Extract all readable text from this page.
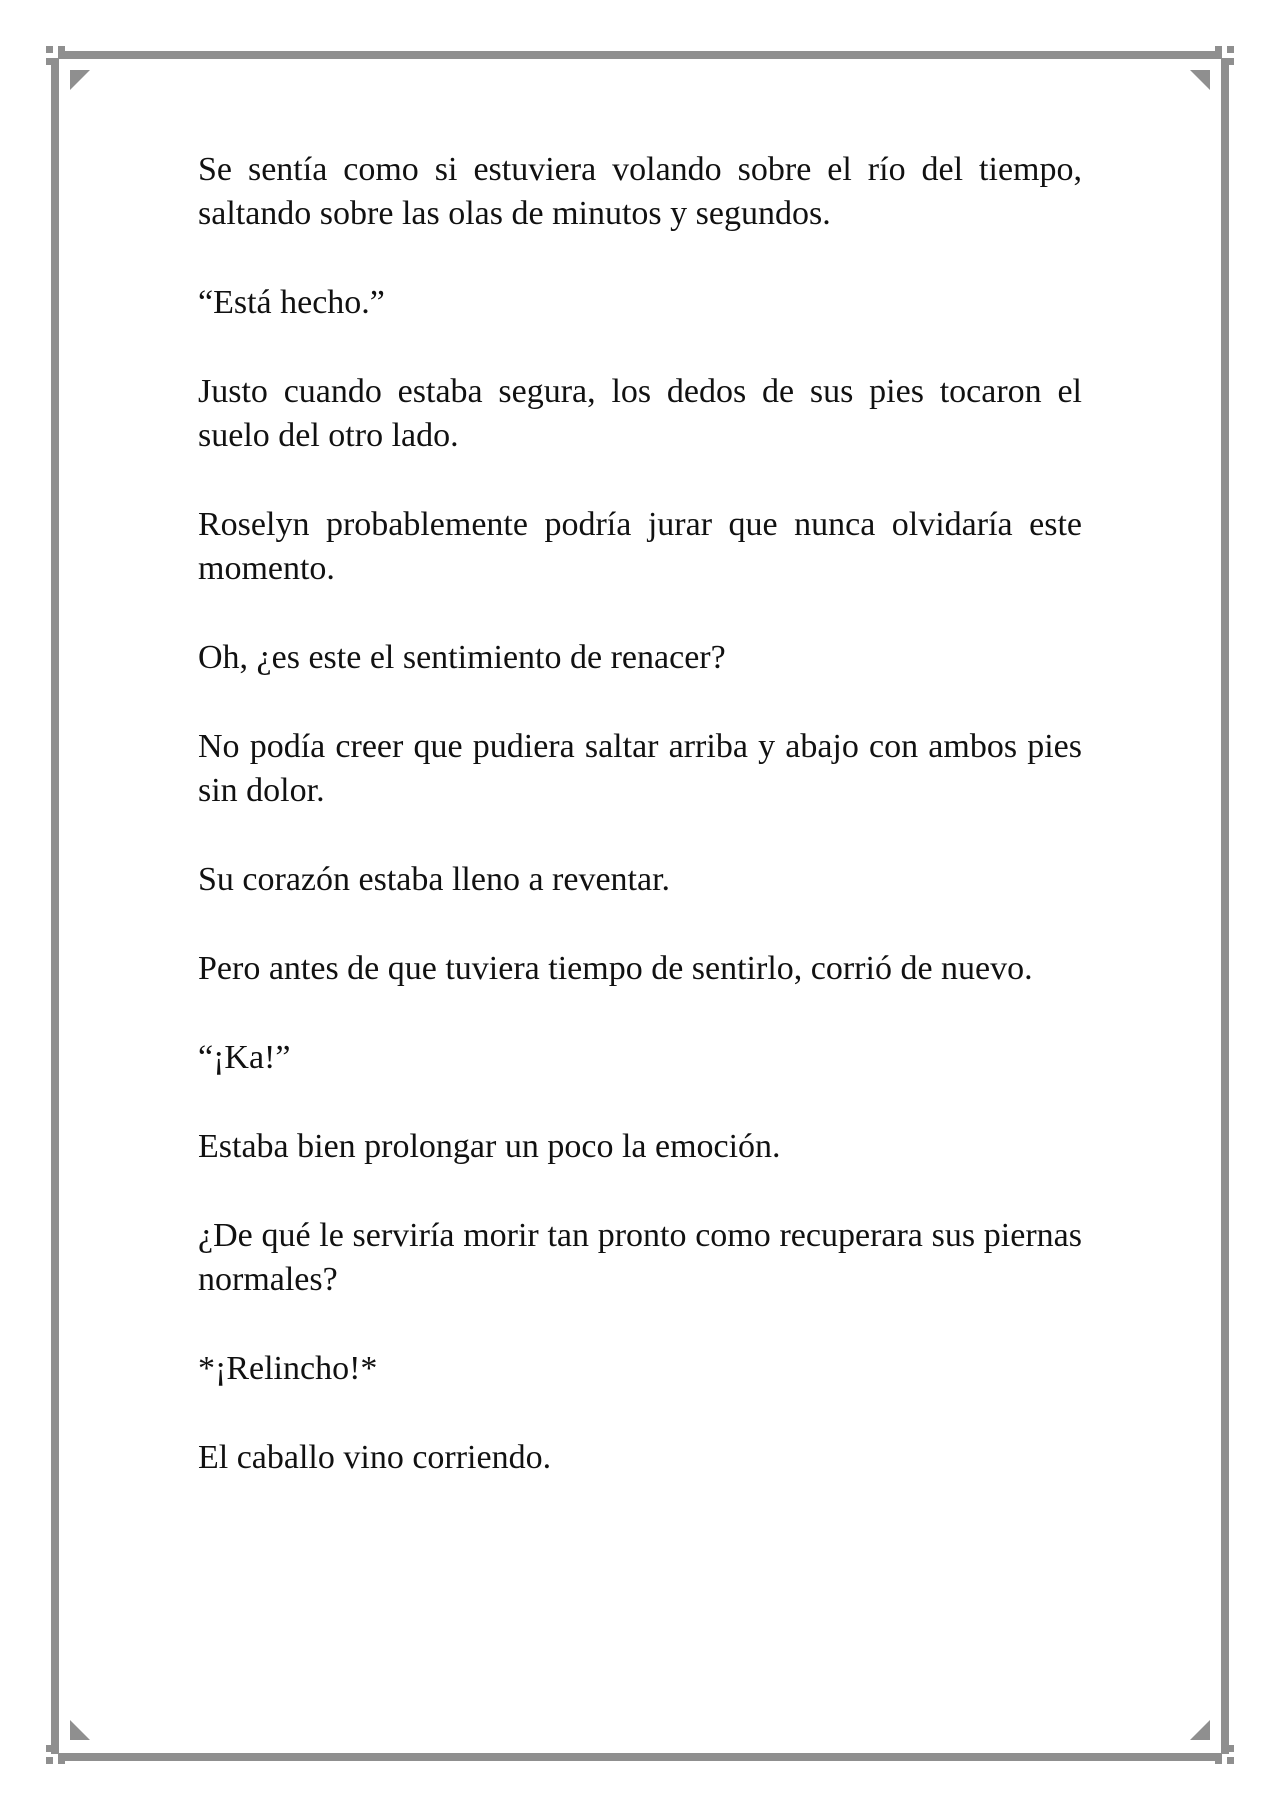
Se sentía como si estuviera volando sobre el río del tiempo, saltando sobre las olas de minutos y segundos.

“Está hecho.”

Justo cuando estaba segura, los dedos de sus pies tocaron el suelo del otro lado.

Roselyn probablemente podría jurar que nunca olvidaría este momento.

Oh, ¿es este el sentimiento de renacer?

No podía creer que pudiera saltar arriba y abajo con ambos pies sin dolor.

Su corazón estaba lleno a reventar.

Pero antes de que tuviera tiempo de sentirlo, corrió de nuevo.

“¡Ka!”

Estaba bien prolongar un poco la emoción.

¿De qué le serviría morir tan pronto como recuperara sus piernas normales?

*¡Relincho!*

El caballo vino corriendo.
